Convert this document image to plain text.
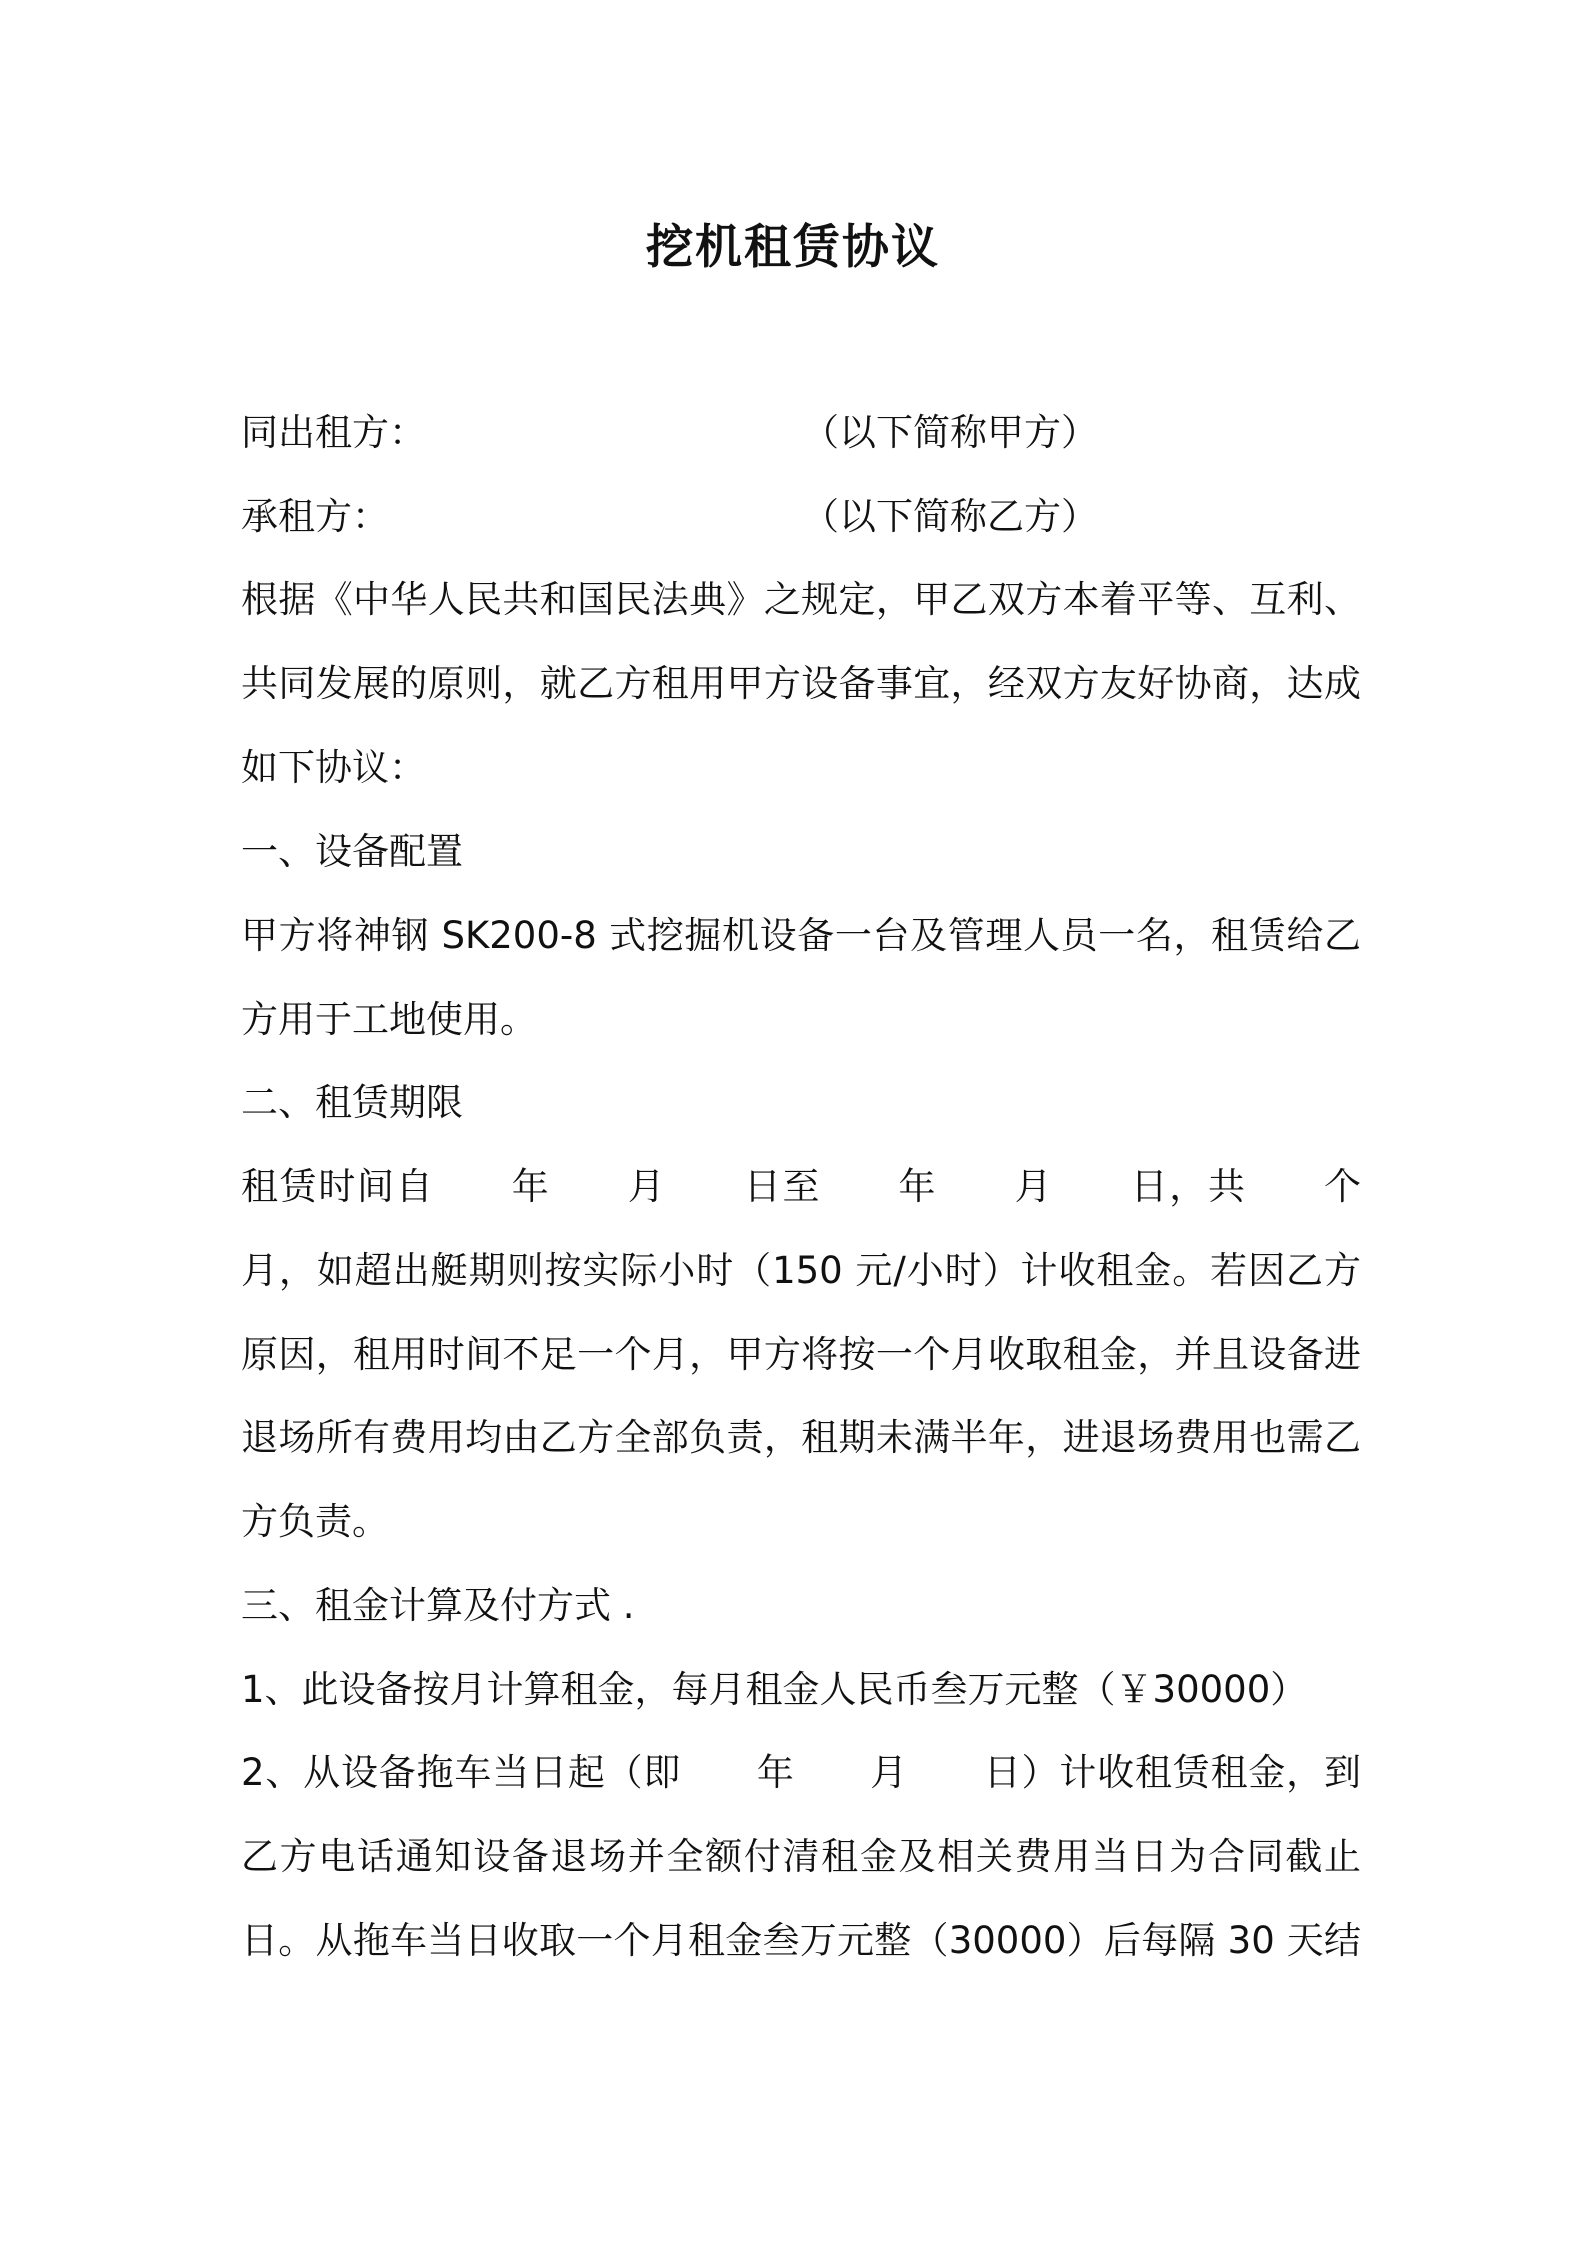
挖机租赁协议
同出租方：	（以下简称甲方）
承租方：	（以下简称乙方）
根据《中华人民共和国民法典》之规定，甲乙双方本着平等、互利、
共同发展的原则，就乙方租用甲方设备事宜，经双方友好协商，达成
如下协议：
一、设备配置
甲方将神钢 SK200-8 式挖掘机设备一台及管理人员一名，租赁给乙
方用于工地使用。
二、租赁期限
租赁时间自　　年　　月　　日至　　年　　月　　日，共　　个
月，如超出艇期则按实际小时（150 元/小时）计收租金。若因乙方
原因，租用时间不足一个月，甲方将按一个月收取租金，并且设备进
退场所有费用均由乙方全部负责，租期未满半年，进退场费用也需乙
方负责。
三、租金计算及付方式 .
1、此设备按月计算租金，每月租金人民币叁万元整（￥30000）
2、从设备拖车当日起（即　　年　　月　　日）计收租赁租金，到
乙方电话通知设备退场并全额付清租金及相关费用当日为合同截止
日。从拖车当日收取一个月租金叁万元整（30000）后每隔 30 天结
